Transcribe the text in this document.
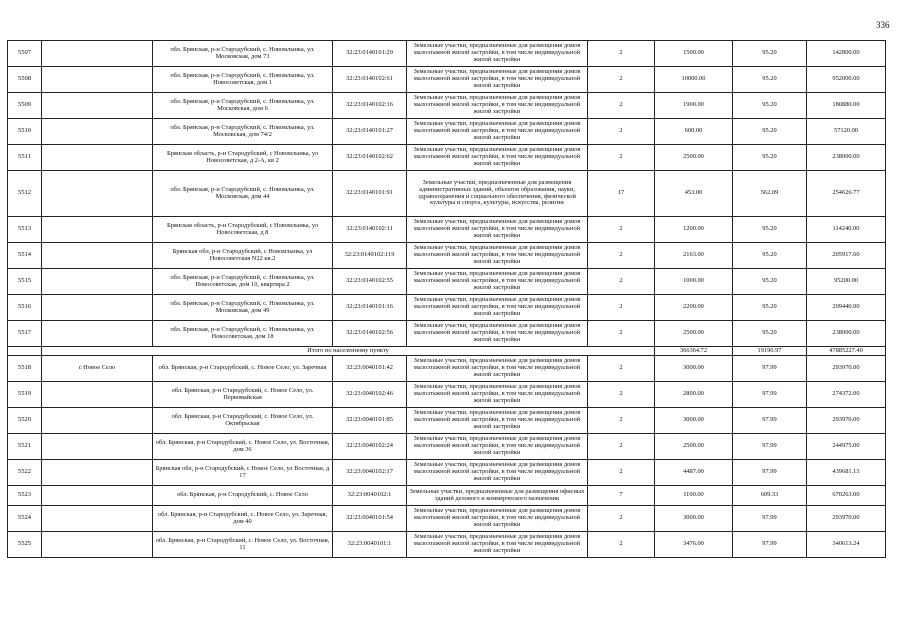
336
5507		обл. Брянская, р-н Стародубский, с. Новомлынка, ул. Московская, дом 73	32:23:0140101:29	Земельные участки, предназначенные для размещения домов малоэтажной жилой застройки, в том числе индивидуальной жилой застройки	2	1500.00	95.20	142800.00
5508		обл. Брянская, р-н Стародубский, с. Новомлынка, ул. Новосоветская, дом 1	32:23:0140102:61	Земельные участки, предназначенные для размещения домов малоэтажной жилой застройки, в том числе индивидуальной жилой застройки	2	10000.00	95.20	952000.00
5509		обл. Брянская, р-н Стародубский, с. Новомлынка, ул. Московская, дом 6	32:23:0140102:16	Земельные участки, предназначенные для размещения домов малоэтажной жилой застройки, в том числе индивидуальной жилой застройки	2	1900.00	95.20	180880.00
5510		обл. Брянская, р-н Стародубский, с. Новомлынка, ул. Московская, дом 74/2	32:23:0140101:27	Земельные участки, предназначенные для размещения домов малоэтажной жилой застройки, в том числе индивидуальной жилой застройки	2	600.00	95.20	57120.00
5511		Брянская область, р-н Стародубский, с Новомлынка, ул Новосоветская, д 2-А, кв 2	32:23:0140102:62	Земельные участки, предназначенные для размещения домов малоэтажной жилой застройки, в том числе индивидуальной жилой застройки	2	2500.00	95.20	238000.00
5512		обл. Брянская, р-н Стародубский, с. Новомлынка, ул. Московская, дом 44	32:23:0140101:91	Земельные участки, предназначенные для размещения административных зданий, объектов образования, науки, здравоохранения и социального обеспечения, физической культуры и спорта, культуры, искусства, религии	17	453.00	562.09	254626.77
5513		Брянская область, р-н Стародубский, с Новомлынка, ул Новосоветская, д 8	32:23:0140102:11	Земельные участки, предназначенные для размещения домов малоэтажной жилой застройки, в том числе индивидуальной жилой застройки	2	1200.00	95.20	114240.00
5514		Брянская обл, р-н Стародубский, с Новомлынка, ул Новосоветская N22 кв.2	32:23:0140102:119	Земельные участки, предназначенные для размещения домов малоэтажной жилой застройки, в том числе индивидуальной жилой застройки	2	2163.00	95.20	205917.60
5515		обл. Брянская, р-н Стародубский, с. Новомлынка, ул. Новосоветская, дом 10, квартира 2	32:23:0140102:55	Земельные участки, предназначенные для размещения домов малоэтажной жилой застройки, в том числе индивидуальной жилой застройки	2	1000.00	95.20	95200.00
5516		обл. Брянская, р-н Стародубский, с. Новомлынка, ул. Московская, дом 49	32:23:0140101:16	Земельные участки, предназначенные для размещения домов малоэтажной жилой застройки, в том числе индивидуальной жилой застройки	2	2200.00	95.20	209440.00
5517		обл. Брянская, р-н Стародубский, с. Новомлынка, ул. Новосоветская, дом 18	32:23:0140102:56	Земельные участки, предназначенные для размещения домов малоэтажной жилой застройки, в том числе индивидуальной жилой застройки	2	2500.00	95.20	238000.00
	Итого по населенному пункту					366364.72	19190.97	47885227.40
5518	с Новое Село	обл. Брянская, р-н Стародубский, с. Новое Село, ул. Заречная	32:23:0040101:42	Земельные участки, предназначенные для размещения домов малоэтажной жилой застройки, в том числе индивидуальной жилой застройки	2	3000.00	97.99	293970.00
5519		обл. Брянская, р-н Стародубский, с. Новое Село, ул. Первомайская	32:23:0040102:46	Земельные участки, предназначенные для размещения домов малоэтажной жилой застройки, в том числе индивидуальной жилой застройки	2	2800.00	97.99	274372.00
5520		обл. Брянская, р-н Стародубский, с. Новое Село, ул. Октябрьская	32:23:0040101:85	Земельные участки, предназначенные для размещения домов малоэтажной жилой застройки, в том числе индивидуальной жилой застройки	2	3000.00	97.99	293970.00
5521		обл. Брянская, р-н Стародубский, с. Новое Село, ул. Восточная, дом 36	32:23:0040102:24	Земельные участки, предназначенные для размещения домов малоэтажной жилой застройки, в том числе индивидуальной жилой застройки	2	2500.00	97.99	244975.00
5522		Брянская обл, р-н Стародубский, с Новое Село, ул Восточная, д 17	32:23:0040102:17	Земельные участки, предназначенные для размещения домов малоэтажной жилой застройки, в том числе индивидуальной жилой застройки	2	4487.00	97.99	439681.13
5523		обл. Брянская, р-н Стародубский, с. Новое Село	32:23:0040102:1	Земельные участки, предназначенные для размещения офисных зданий делового и коммерческого назначения	7	1100.00	609.33	670263.00
5524		обл. Брянская, р-н Стародубский, с. Новое Село, ул. Заречная, дом 40	32:23:0040101:54	Земельные участки, предназначенные для размещения домов малоэтажной жилой застройки, в том числе индивидуальной жилой застройки	2	3000.00	97.99	293970.00
5525		обл. Брянская, р-н Стародубский, с. Новое Село, ул. Восточная, 11	32:23:0040101:1	Земельные участки, предназначенные для размещения домов малоэтажной жилой застройки, в том числе индивидуальной жилой застройки	2	3476.00	97.99	340613.24
